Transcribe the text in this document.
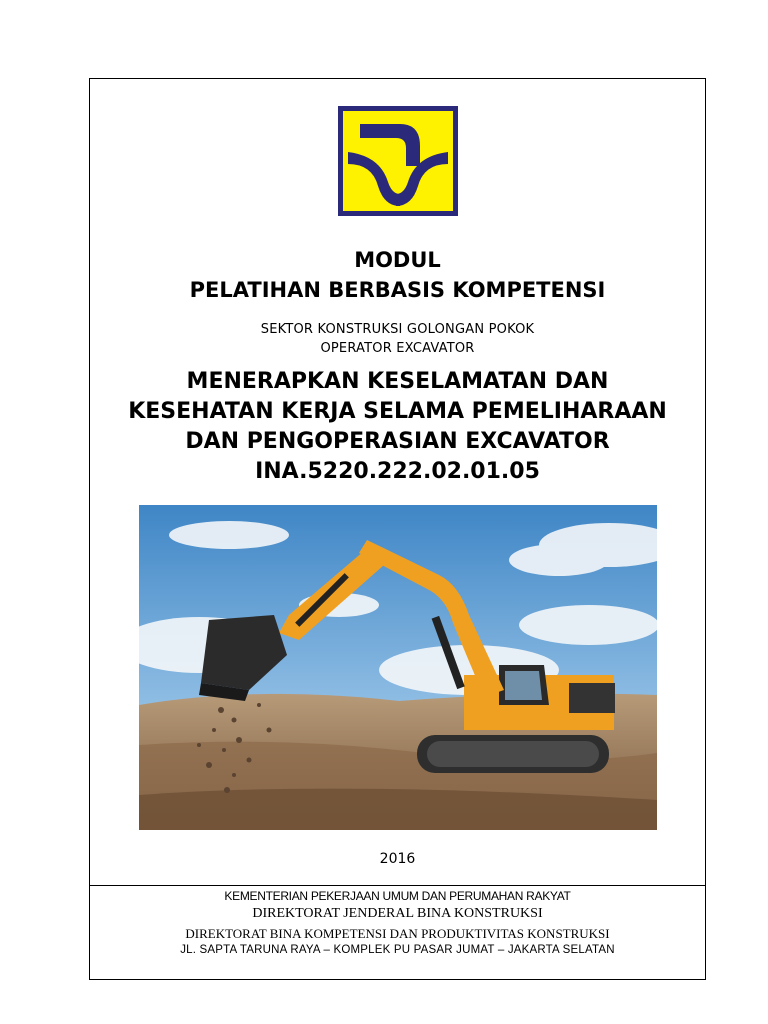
MODUL
PELATIHAN BERBASIS KOMPETENSI
SEKTOR KONSTRUKSI GOLONGAN POKOK
OPERATOR EXCAVATOR
MENERAPKAN KESELAMATAN DAN
KESEHATAN KERJA SELAMA PEMELIHARAAN
DAN PENGOPERASIAN EXCAVATOR
INA.5220.222.02.01.05
2016
KEMENTERIAN PEKERJAAN UMUM DAN PERUMAHAN RAKYAT
DIREKTORAT JENDERAL BINA KONSTRUKSI
DIREKTORAT BINA KOMPETENSI DAN PRODUKTIVITAS KONSTRUKSI
JL. SAPTA TARUNA RAYA – KOMPLEK PU PASAR JUMAT – JAKARTA SELATAN
